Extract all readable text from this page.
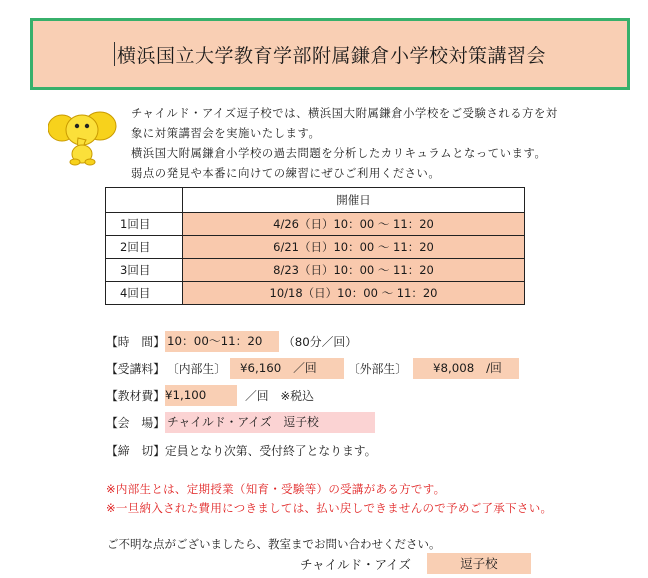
横浜国立大学教育学部附属鎌倉小学校対策講習会
チャイルド・アイズ逗子校では、横浜国大附属鎌倉小学校をご受験される方を対
象に対策講習会を実施いたします。
横浜国大附属鎌倉小学校の過去問題を分析したカリキュラムとなっています。
弱点の発見や本番に向けての練習にぜひご利用ください。
	開催日
1回目	4/26（日）10：00 〜 11：20
2回目	6/21（日）10：00 〜 11：20
3回目	8/23（日）10：00 〜 11：20
4回目	10/18（日）10：00 〜 11：20
【時　間】 10：00〜11：20	（80分／回）
【受講料】 〔内部生〕	¥6,160　／回	〔外部生〕	¥8,008　/回
【教材費】 ¥1,100	／回　※税込
【会　場】 チャイルド・アイズ　逗子校
【締　切】 定員となり次第、受付終了となります。
※内部生とは、定期授業（知育・受験等）の受講がある方です。
※一旦納入された費用につきましては、払い戻しできませんので予めご了承下さい。
ご不明な点がございましたら、教室までお問い合わせください。
チャイルド・アイズ	逗子校
